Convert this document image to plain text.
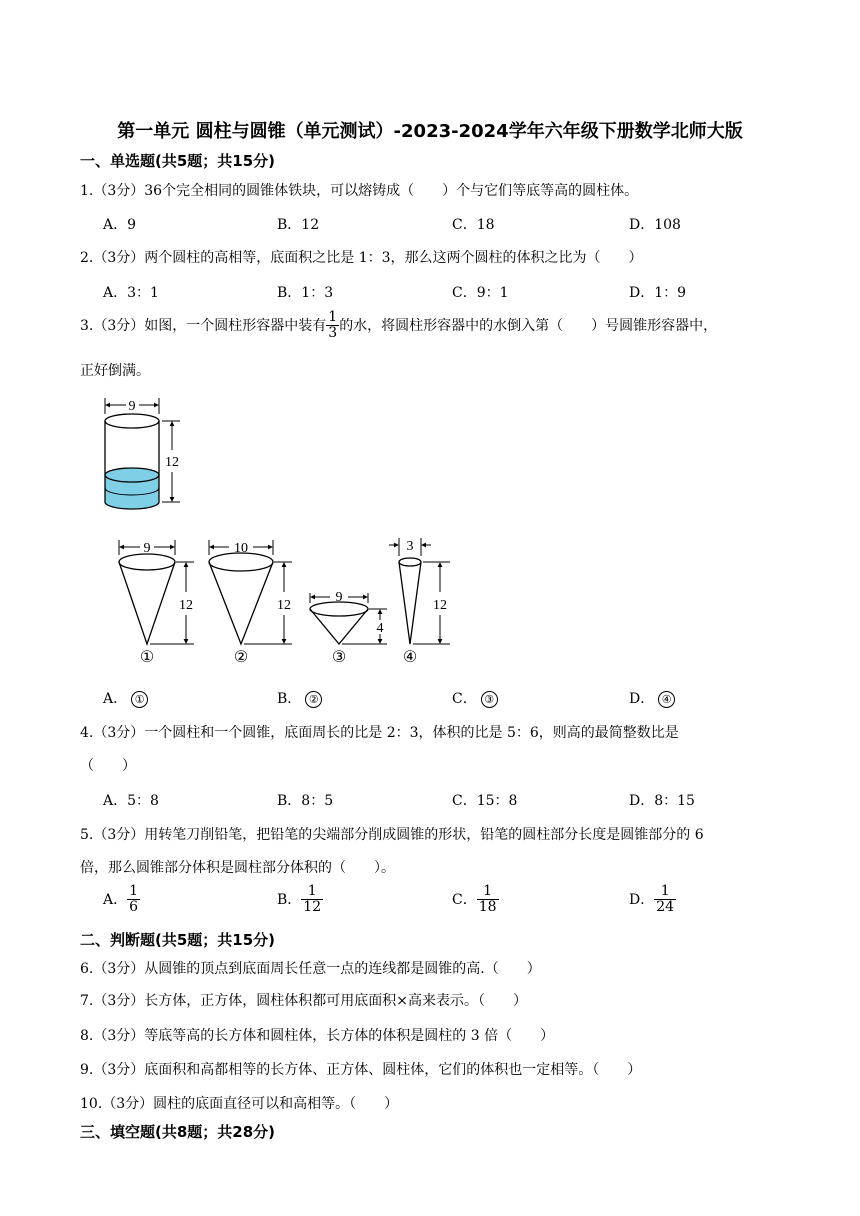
第一单元 圆柱与圆锥（单元测试）-2023-2024学年六年级下册数学北师大版
一、单选题(共5题；共15分)
1.（3分）36个完全相同的圆锥体铁块，可以熔铸成（　　）个与它们等底等高的圆柱体。
A．9	B．12	C．18	D．108
2.（3分）两个圆柱的高相等，底面积之比是 1：3，那么这两个圆柱的体积之比为（　　）
A．3：1	B．1：3	C．9：1	D．1：9
3.（3分）如图，一个圆柱形容器中装有 $\frac{1}{3}$ 的水，将圆柱形容器中的水倒入第（　　）号圆锥形容器中，
正好倒满。
9
12
9
12
①
10
12
②
9
4
③
3
12
④
A． ①	B． ②	C． ③	D． ④
4.（3分）一个圆柱和一个圆锥，底面周长的比是 2：3，体积的比是 5：6，则高的最简整数比是
（　　）
A．5：8	B．8：5	C．15：8	D．8：15
5.（3分）用转笔刀削铅笔，把铅笔的尖端部分削成圆锥的形状，铅笔的圆柱部分长度是圆锥部分的 6
倍，那么圆锥部分体积是圆柱部分体积的（　　）。
A． $\frac{1}{6}$	B． $\frac{1}{12}$	C． $\frac{1}{18}$	D． $\frac{1}{24}$
二、判断题(共5题；共15分)
6.（3分）从圆锥的顶点到底面周长任意一点的连线都是圆锥的高.（　　）
7.（3分）长方体，正方体，圆柱体积都可用底面积×高来表示。（　　）
8.（3分）等底等高的长方体和圆柱体，长方体的体积是圆柱的 3 倍（　　）
9.（3分）底面积和高都相等的长方体、正方体、圆柱体，它们的体积也一定相等。（　　）
10.（3分）圆柱的底面直径可以和高相等。（　　）
三、填空题(共8题；共28分)
